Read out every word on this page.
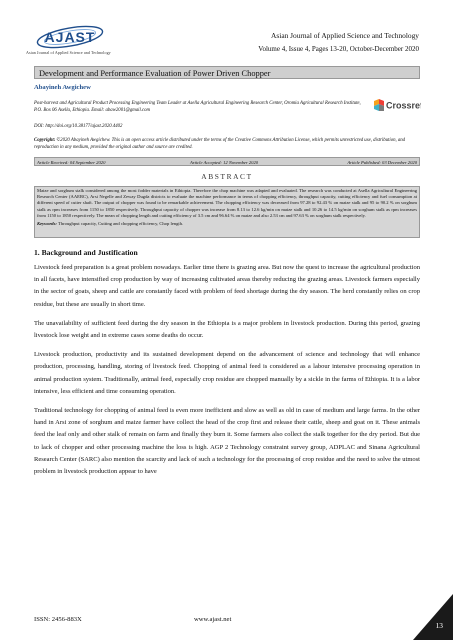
AJAST
Asian Journal of Applied Science and Technology
Asian Journal of Applied Science and Technology
Volume 4, Issue 4, Pages 13-20, October-December 2020
Development and Performance Evaluation of Power Driven Chopper
Abayineh Awgichew
Post-harvest and Agricultural Product Processing Engineering Team Leader at Asella Agricultural Engineering Research Center, Oromia Agricultural Research Institute, P.O. Box 06 Asella, Ethiopia. Email: abaw2001@gmail.com
Crossref
DOI: http://doi.org/10.38177/ajast.2020.4402
Copyright: ©2020 Abayineh Awgichew. This is an open access article distributed under the terms of the Creative Commons Attribution License, which permits unrestricted use, distribution, and reproduction in any medium, provided the original author and source are credited.
Article Received: 04 September 2020	Article Accepted: 12 November 2020	Article Published: 03 December 2020
ABSTRACT

Maize and sorghum stalk considered among the most fodder materials in Ethiopia. Therefore the chop machine was adapted and evaluated. The research was conducted at Asella Agricultural Engineering Research Center (AAERC), Arsi Negelle and Zeway Dugda districts to evaluate the machine performance in terms of chopping efficiency, throughput capacity, cutting efficiency and fuel consumption at different speed of cutter shaft. The output of chopper was found to be remarkable achievement. The chopping efficiency was decreased from 97.28 to 92.43 % on maize stalk and 95 to 90.2 % on sorghum stalk as rpm increases from 1150 to 1850 respectively. Throughput capacity of chopper was increase from 8.13 to 12.6 kg/min on maize stalk and 10.26 to 14.5 kg/min on sorghum stalk as rpm increases from 1150 to 1850 respectively. The mean of chopping length and cutting efficiency of 3.5 cm and 96.64 % on maize and also 2.53 cm and 97.63 % on sorghum stalk respectively.

Keywords: Throughput capacity, Cutting and chopping efficiency, Chop length.

1. Background and Justification

Livestock feed preparation is a great problem nowadays. Earlier time there is grazing area. But now the quest to increase the agricultural production in all facets, have intensified crop production by way of increasing cultivated areas thereby reducing the grazing areas. Livestock farmers especially in the sector of goats, sheep and cattle are constantly faced with problem of feed shortage during the dry season. The herd constantly relies on crop residue, but these are usually in short time.

The unavailability of sufficient feed during the dry season in the Ethiopia is a major problem in livestock production. During this period, grazing livestock lose weight and in extreme cases some deaths do occur.

Livestock production, productivity and its sustained development depend on the advancement of science and technology that will enhance production, processing, handling, storing of livestock feed. Chopping of animal feed is considered as a labour intensive processing operation in animal production system. Traditionally, animal feed, especially crop residue are chopped manually by a sickle in the farms of Ethiopia. It is a labor intensive, less efficient and time consuming operation.

Traditional technology for chopping of animal feed is even more inefficient and slow as well as old in case of medium and large farms. In the other hand in Arsi zone of sorghum and maize farmer have collect the head of the crop first and release their cattle, sheep and goat on it. These animals feed the leaf only and other stalk of remain on farm and finally they burn it. Some farmers also collect the stalk together for the dry period. But due to lack of chopper and other processing machine the loss is high. AGP 2 Technology constraint survey group, ADPLAC and Sinana Agricultural Research Center (SARC) also mention the scarcity and lack of such a technology for the processing of crop residue and the need to solve the utmost problem in livestock production appear to have

ISSN: 2456-883X	www.ajast.net
13
